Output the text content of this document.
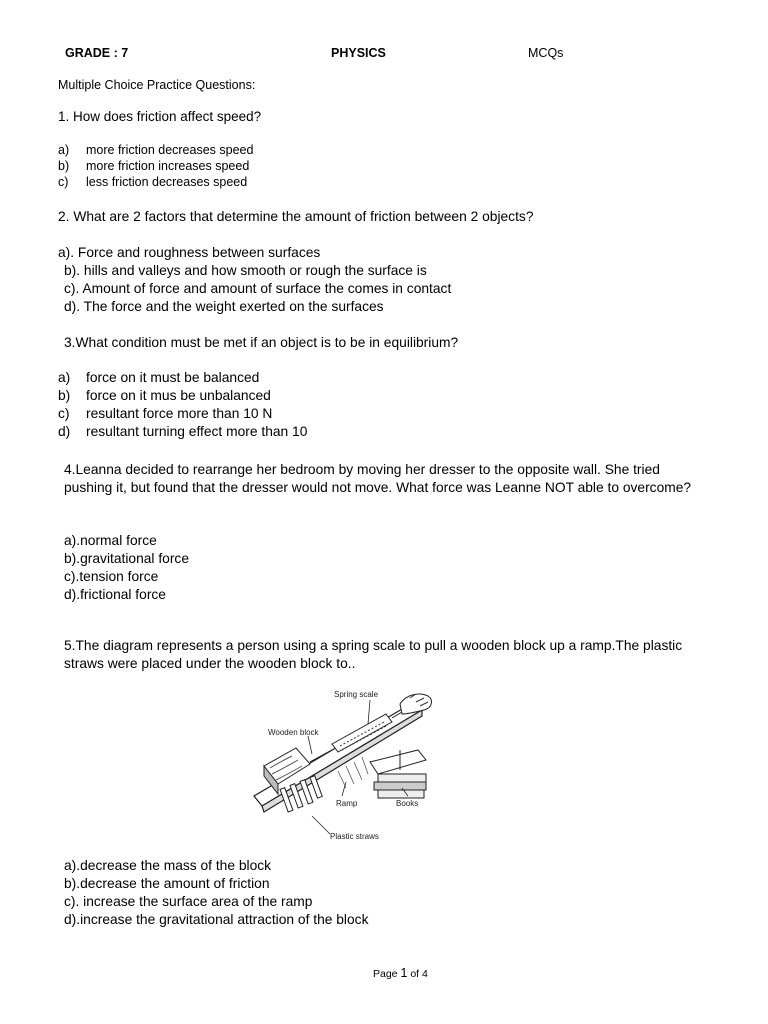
GRADE : 7	PHYSICS	MCQs
Multiple Choice Practice Questions:
1. How does friction affect speed?
a) more friction decreases speed
b) more friction increases speed
c) less friction decreases speed
2. What are 2 factors that determine the amount of friction between 2 objects?
a). Force and roughness between surfaces
b). hills and valleys and how smooth or rough the surface is
c). Amount of force and amount of surface the comes in contact
d). The force and the weight exerted on the surfaces
3.What condition must be met if an object is to be in equilibrium?
a) force on it must be balanced
b) force on it mus be unbalanced
c) resultant force more than 10 N
d) resultant turning effect more than 10
4.Leanna decided to rearrange her bedroom by moving her dresser to the opposite wall. She tried
pushing it, but found that the dresser would not move. What force was Leanne NOT able to overcome?
a).normal force
b).gravitational force
c).tension force
d).frictional force
5.The diagram represents a person using a spring scale to pull a wooden block up a ramp.The plastic
straws were placed under the wooden block to..
Spring scale
Wooden block
Ramp	Books
Plastic straws
a).decrease the mass of the block
b).decrease the amount of friction
c). increase the surface area of the ramp
d).increase the gravitational attraction of the block
Page 1 of 4
